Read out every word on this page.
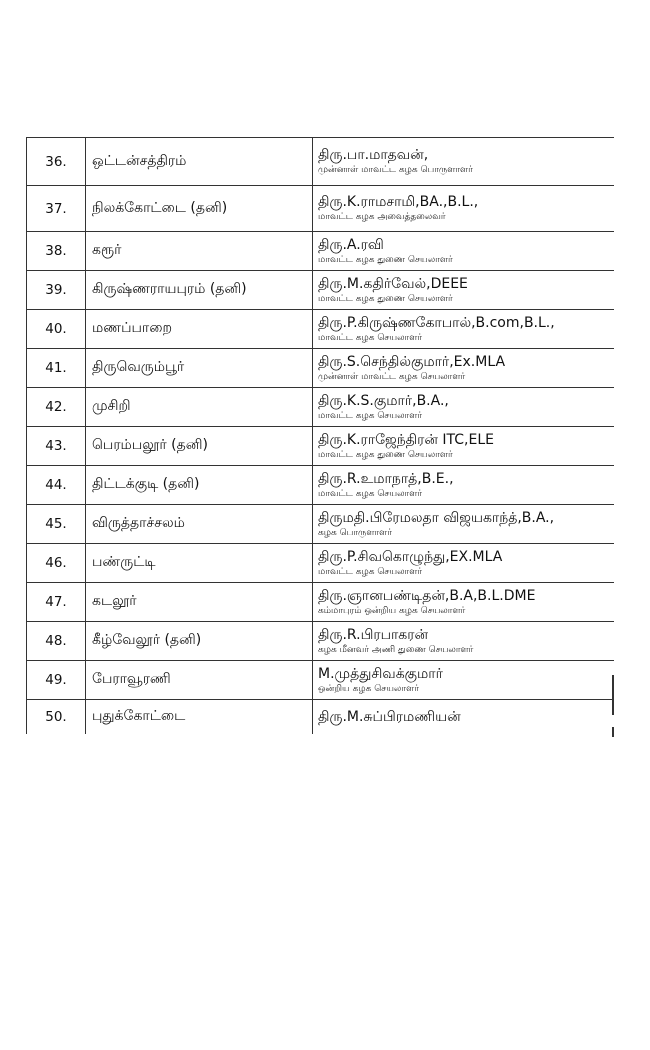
36.	ஒட்டன்சத்திரம்	திரு.பா.மாதவன்,
முன்னாள் மாவட்ட கழக பொருளாளர்

37.	நிலக்கோட்டை (தனி)	திரு.K.ராமசாமி,BA.,B.L.,
மாவட்ட கழக அவைத்தலைவர்

38.	கரூர்	திரு.A.ரவி
மாவட்ட கழக துணை செயலாளர்

39.	கிருஷ்ணராயபுரம் (தனி)	திரு.M.கதிர்வேல்,DEEE
மாவட்ட கழக துணை செயலாளர்

40.	மணப்பாறை	திரு.P.கிருஷ்ணகோபால்,B.com,B.L.,
மாவட்ட கழக செயலாளர்

41.	திருவெரும்பூர்	திரு.S.செந்தில்குமார்,Ex.MLA
முன்னாள் மாவட்ட கழக செயலாளர்

42.	முசிறி	திரு.K.S.குமார்,B.A.,
மாவட்ட கழக செயலாளர்

43.	பெரம்பலூர் (தனி)	திரு.K.ராஜேந்திரன் ITC,ELE
மாவட்ட கழக துணை செயலாளர்

44.	திட்டக்குடி (தனி)	திரு.R.உமாநாத்,B.E.,
மாவட்ட கழக செயலாளர்

45.	விருத்தாச்சலம்	திருமதி.பிரேமலதா விஜயகாந்த்,B.A.,
கழக பொருளாளர்

46.	பண்ருட்டி	திரு.P.சிவகொழுந்து,EX.MLA
மாவட்ட கழக செயலாளர்

47.	கடலூர்	திரு.ஞானபண்டிதன்,B.A,B.L.DME
கம்மாபுரம் ஒன்றிய கழக செயலாளர்

48.	கீழ்வேலூர் (தனி)	திரு.R.பிரபாகரன்
கழக மீனவர் அணி துணை செயலாளர்

49.	பேராவூரணி	M.முத்துசிவக்குமார்
ஒன்றிய கழக செயலாளர்

50.	புதுக்கோட்டை	திரு.M.சுப்பிரமணியன்
